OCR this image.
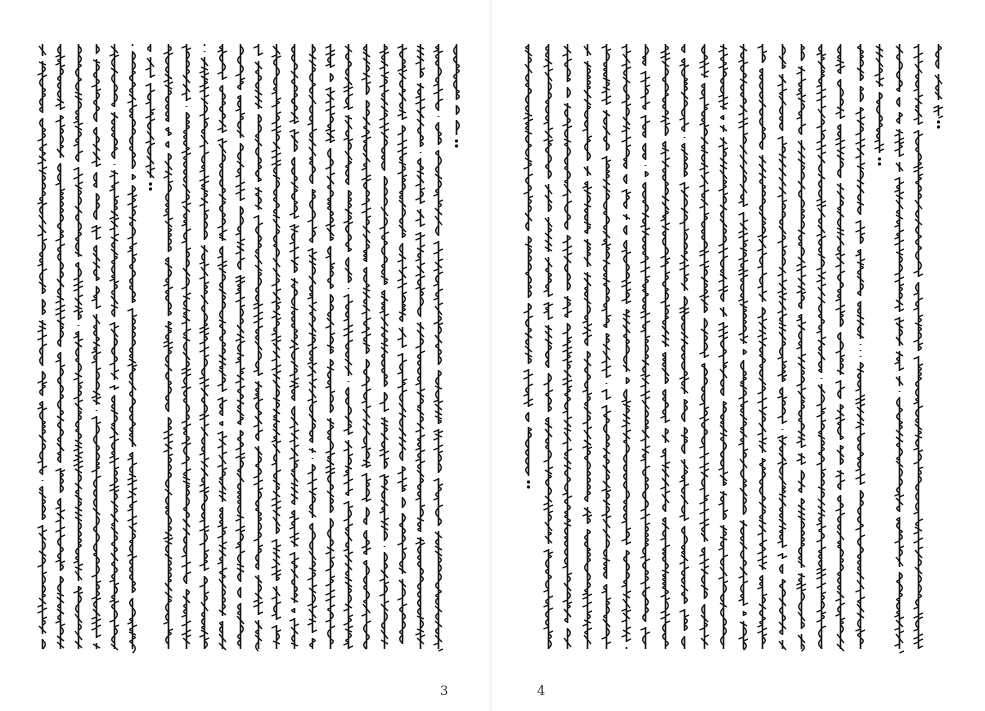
3	4
